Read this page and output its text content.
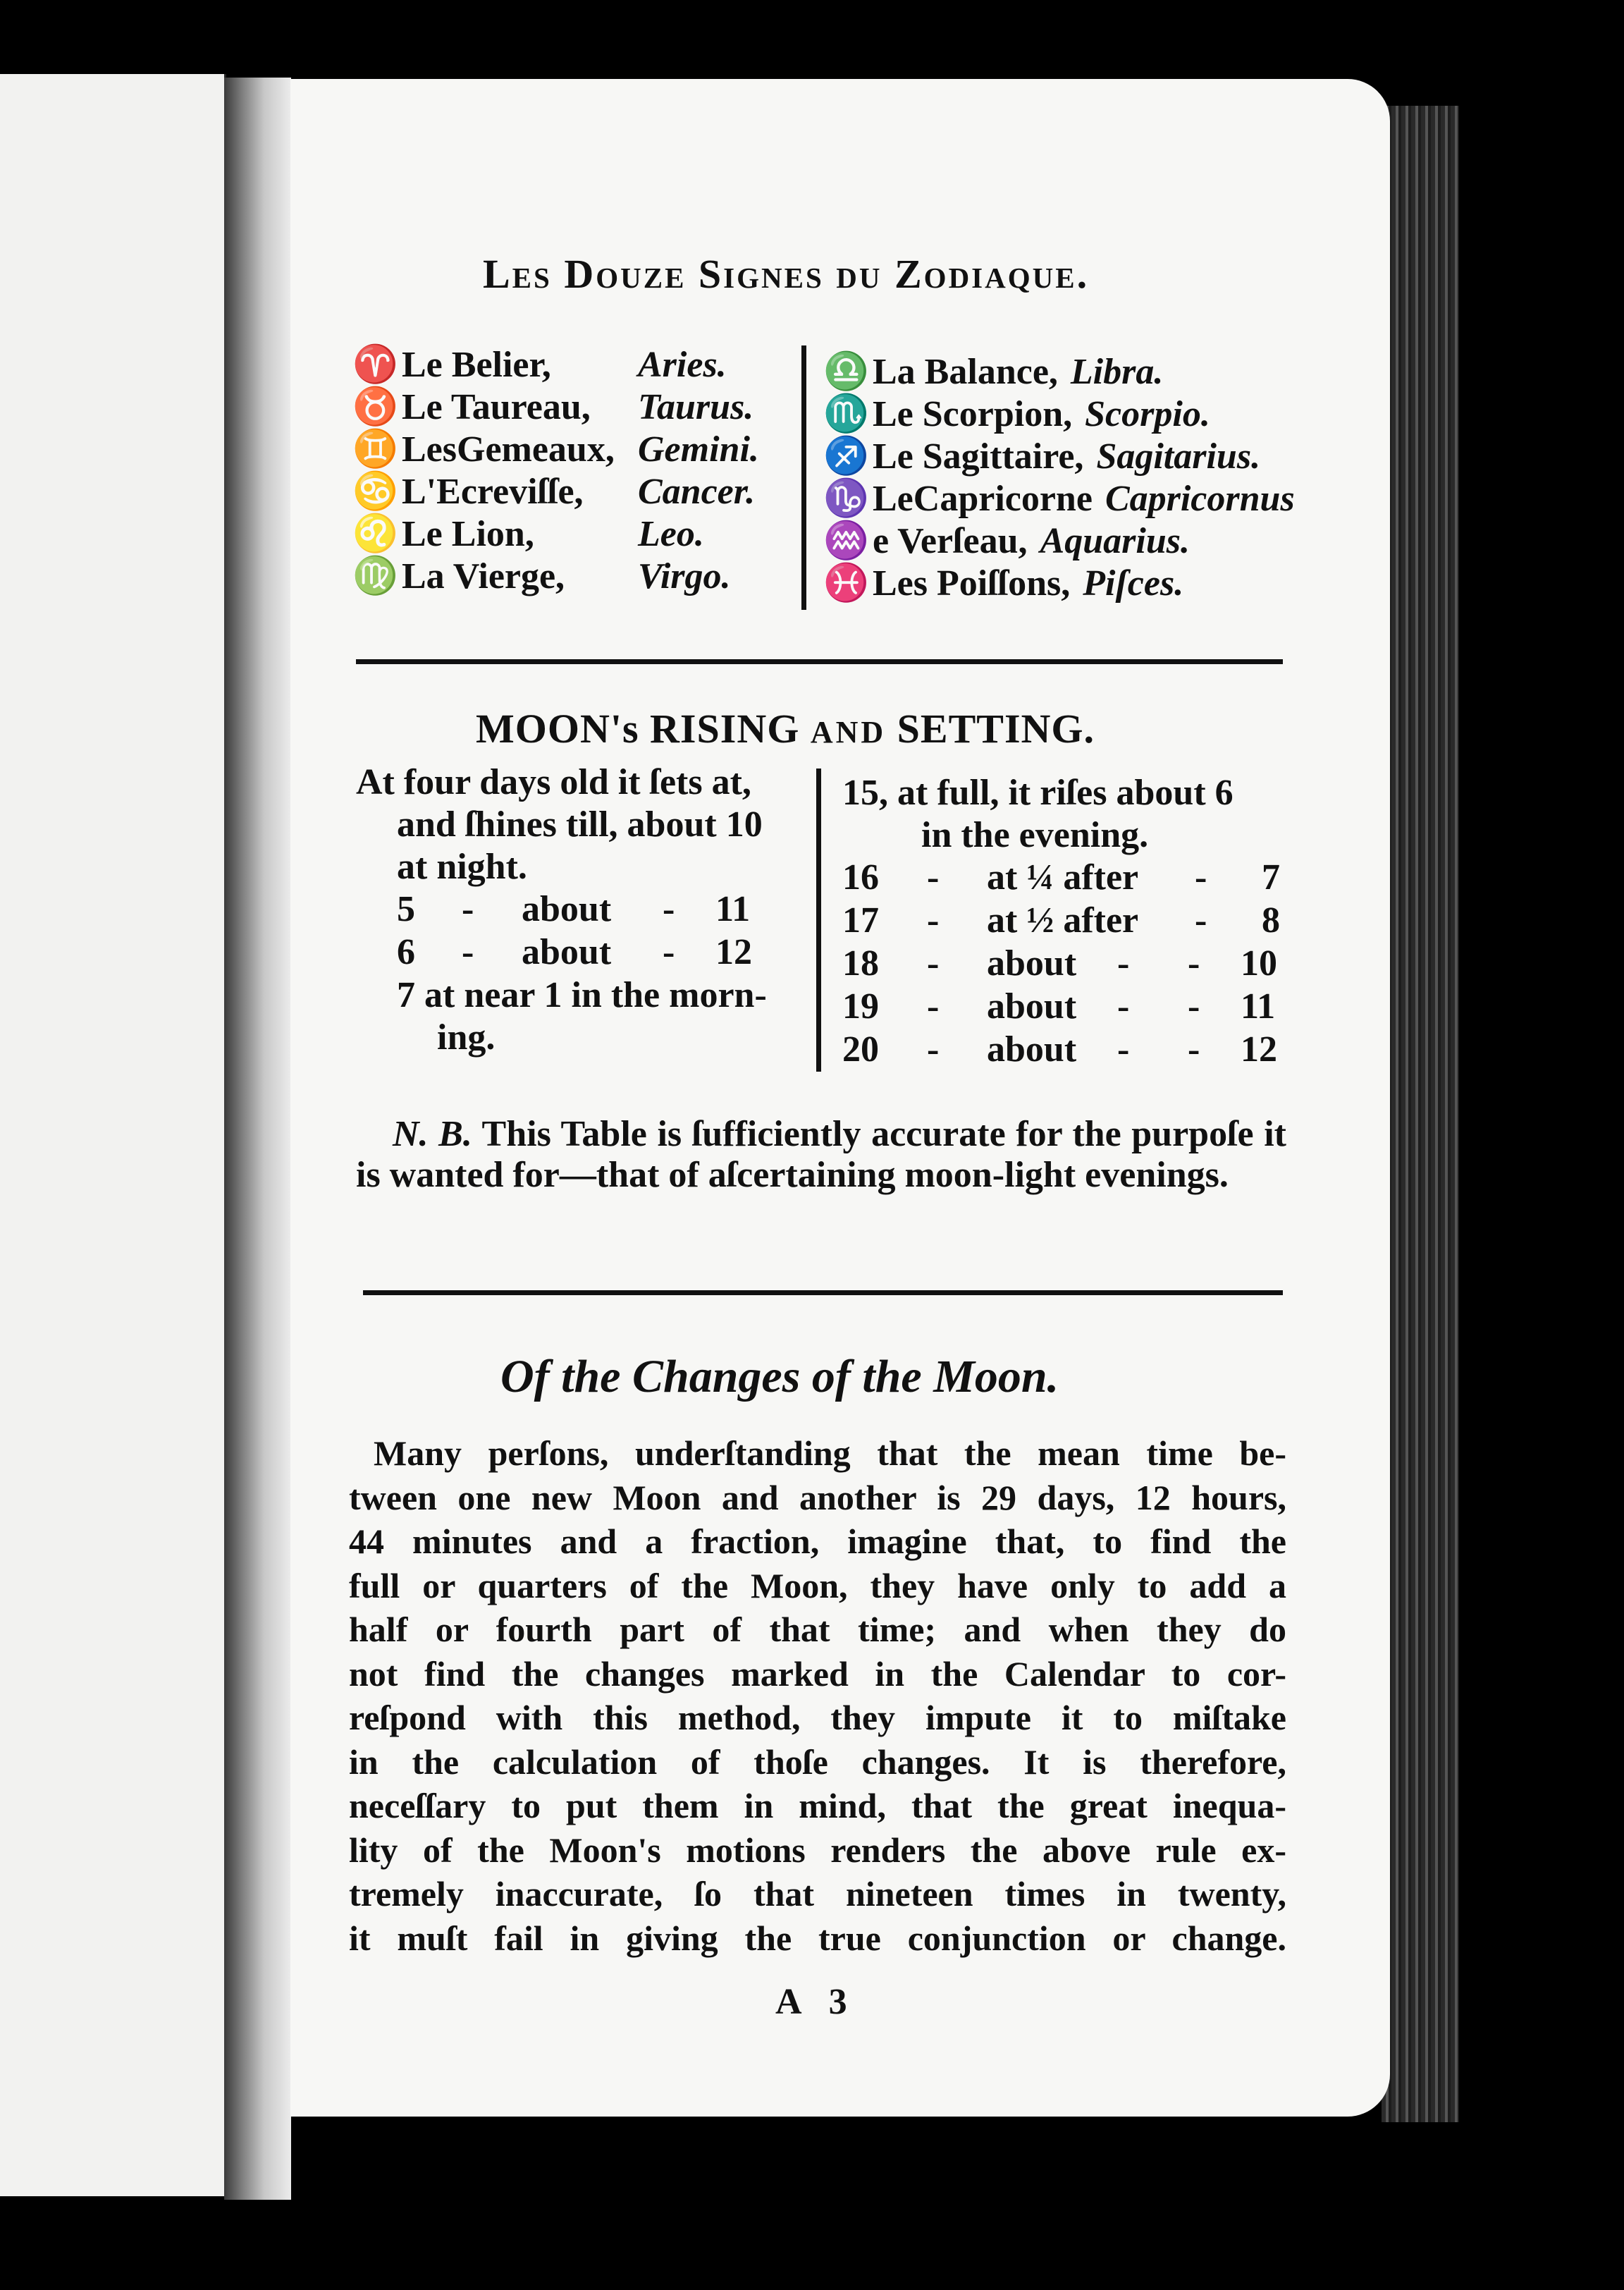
Les Douze Signes du Zodiaque.
♈ Le Belier, Aries.
♉ Le Taureau, Taurus.
♊ LesGemeaux, Gemini.
♋ L'Ecreviſſe, Cancer.
♌ Le Lion,	Leo.
♍ La Vierge, Virgo.
♎ La Balance, Libra.
♏ Le Scorpion, Scorpio.
♐ Le Sagittaire, Sagitarius.
♑ LeCapricorne Capricornus
♒ e Verſeau, Aquarius.
♓ Les Poiſſons, Piſces.
MOON's RISING AND SETTING.
At four days old it ſets at,
and ſhines till, about 10
at night.
5 - about - 11
6 - about - 12
7 at near 1 in the morn-
ing.
15, at full, it riſes about 6
in the evening.
16 - at ¼ after - 7
17 - at ½ after - 8
18 - about - - 10
19 - about - - 11
20 - about - - 12
N. B. This Table is ſufficiently accurate for the purpoſe it is wanted for—that of aſcertaining moon-light evenings.
Of the Changes of the Moon.
Many perſons, underſtanding that the mean time be-
tween one new Moon and another is 29 days, 12 hours,
44 minutes and a fraction, imagine that, to find the
full or quarters of the Moon, they have only to add a
half or fourth part of that time; and when they do
not find the changes marked in the Calendar to cor-
reſpond with this method, they impute it to miſtake
in the calculation of thoſe changes. It is therefore,
neceſſary to put them in mind, that the great inequa-
lity of the Moon's motions renders the above rule ex-
tremely inaccurate, ſo that nineteen times in twenty,
it muſt fail in giving the true conjunction or change.
A 3
